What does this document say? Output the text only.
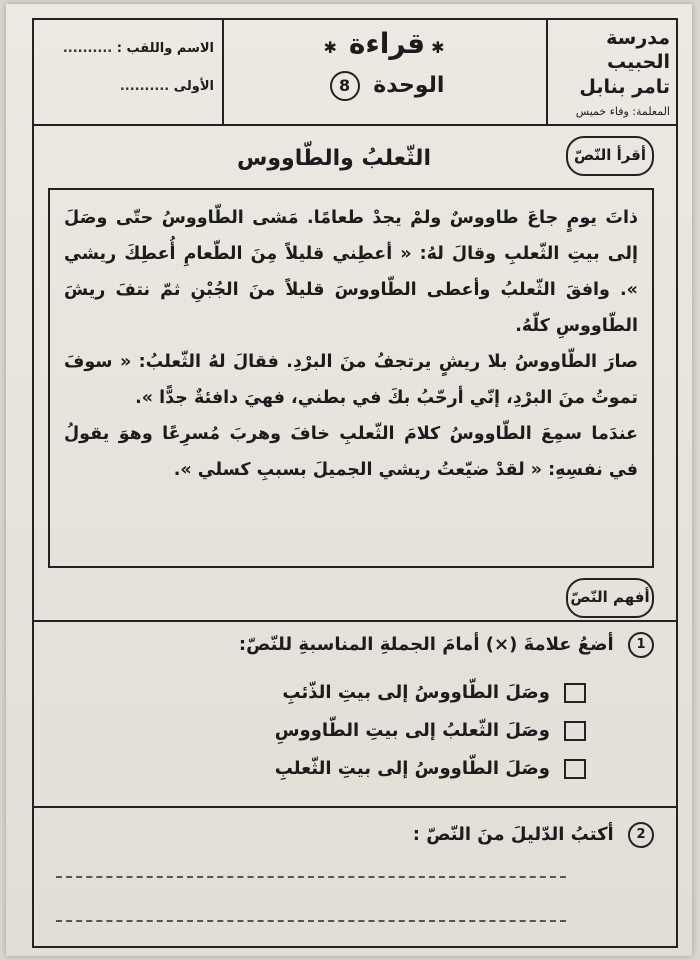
مدرسة الحبيب
تامر بنابل
المعلمة: وفاء خميس
✱قراءة✱
الوحدة 8
الاسم واللقب : ..........
الأولى ..........
أقرأ النّصّ
الثّعلبُ والطّاووس

ذاتَ يومٍ جاعَ طاووسٌ ولمْ يجدْ طعامًا. مَشى الطّاووسُ حتّى وصَلَ إلى بيتِ الثّعلبِ وقالَ لهُ: « أعطِني قليلاً مِنَ الطّعامِ أُعطِكَ ريشي ». وافقَ الثّعلبُ وأعطى الطّاووسَ قليلاً منَ الجُبْنِ ثمّ نتفَ ريشَ الطّاووسِ كلّهُ.

صارَ الطّاووسُ بلا ريشٍ يرتجفُ منَ البرْدِ. فقالَ لهُ الثّعلبُ: « سوفَ تموتُ منَ البرْدِ، إنّي أرحّبُ بكَ في بطني، فهيَ دافئةٌ جدًّا ».

عندَما سمِعَ الطّاووسُ كلامَ الثّعلبِ خافَ وهربَ مُسرِعًا وهوَ يقولُ في نفسِهِ: « لقدْ ضيّعتُ ريشي الجميلَ بسببِ كسلي ».

أفهم النّصّ
1 أضعُ علامةَ (×) أمامَ الجملةِ المناسبةِ للنّصّ:
وصَلَ الطّاووسُ إلى بيتِ الذّئبِ
وصَلَ الثّعلبُ إلى بيتِ الطّاووسِ
وصَلَ الطّاووسُ إلى بيتِ الثّعلبِ
2 أكتبُ الدّليلَ منَ النّصّ :
